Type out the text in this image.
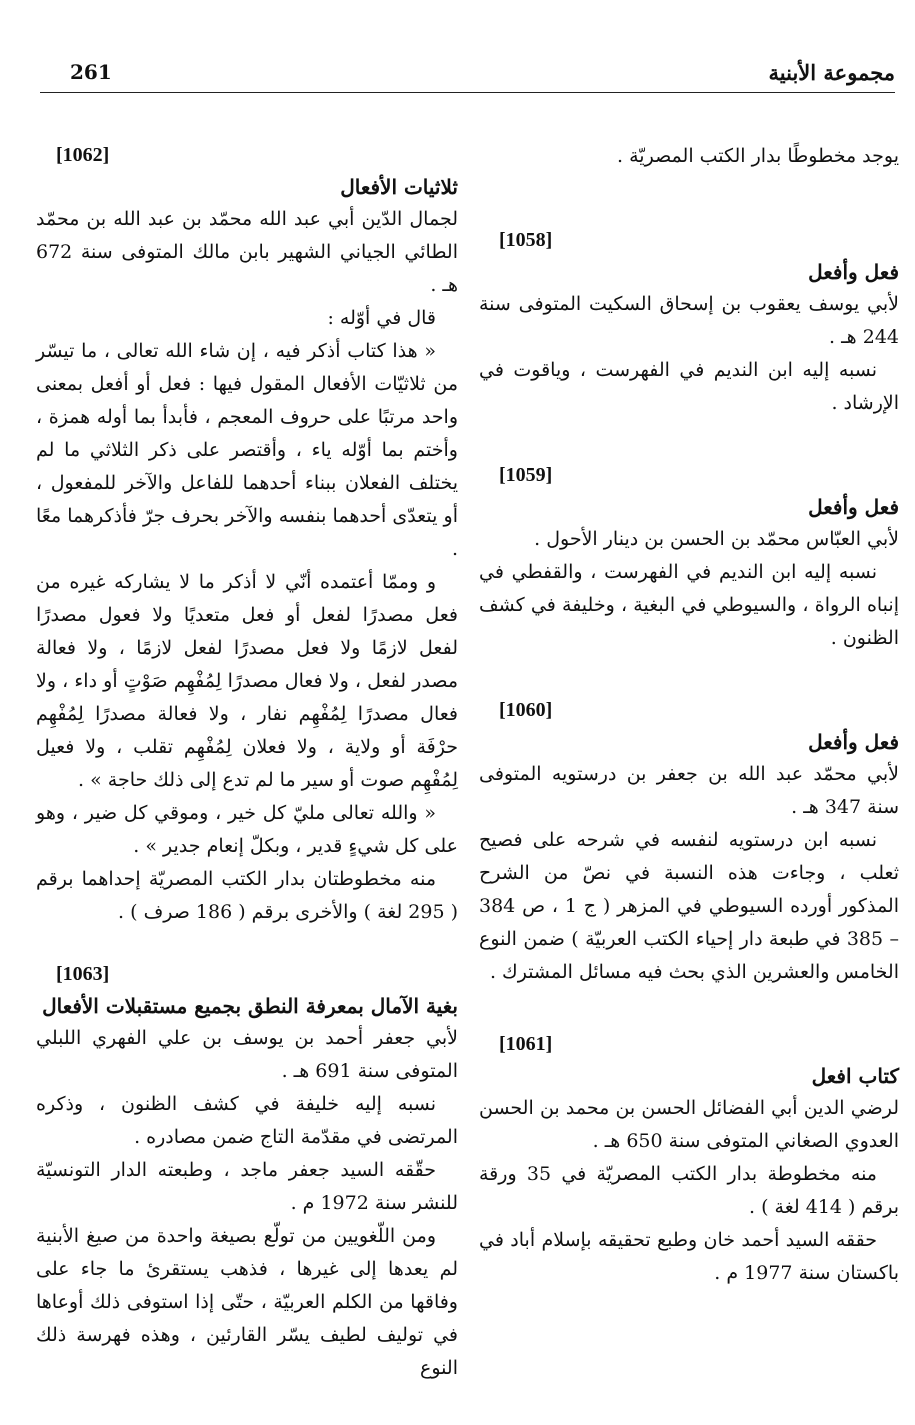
261	مجموعة الأبنية

يوجد مخطوطًا بدار الكتب المصريّة .

[1058]
فعل وأفعل

لأبي يوسف يعقوب بن إسحاق السكيت المتوفى سنة 244 هـ .

نسبه إليه ابن النديم في الفهرست ، وياقوت في الإرشاد .

[1059]
فعل وأفعل

لأبي العبّاس محمّد بن الحسن بن دينار الأحول .

نسبه إليه ابن النديم في الفهرست ، والقفطي في إنباه الرواة ، والسيوطي في البغية ، وخليفة في كشف الظنون .

[1060]
فعل وأفعل

لأبي محمّد عبد الله بن جعفر بن درستويه المتوفى سنة 347 هـ .

نسبه ابن درستويه لنفسه في شرحه على فصيح ثعلب ، وجاءت هذه النسبة في نصّ من الشرح المذكور أورده السيوطي في المزهر ( ج 1 ، ص 384 – 385 في طبعة دار إحياء الكتب العربيّة ) ضمن النوع الخامس والعشرين الذي بحث فيه مسائل المشترك .

[1061]
كتاب افعل

لرضي الدين أبي الفضائل الحسن بن محمد بن الحسن العدوي الصغاني المتوفى سنة 650 هـ .

منه مخطوطة بدار الكتب المصريّة في 35 ورقة برقم ( 414 لغة ) .

حققه السيد أحمد خان وطبع تحقيقه بإسلام أباد في باكستان سنة 1977 م .

[1062]
ثلاثيات الأفعال

لجمال الدّين أبي عبد الله محمّد بن عبد الله بن محمّد الطائي الجياني الشهير بابن مالك المتوفى سنة 672 هـ .

قال في أوّله :

« هذا كتاب أذكر فيه ، إن شاء الله تعالى ، ما تيسّر من ثلاثيّات الأفعال المقول فيها : فعل أو أفعل بمعنى واحد مرتبًا على حروف المعجم ، فأبدأ بما أوله همزة ، وأختم بما أوّله ياء ، وأقتصر على ذكر الثلاثي ما لم يختلف الفعلان ببناء أحدهما للفاعل والآخر للمفعول ، أو يتعدّى أحدهما بنفسه والآخر بحرف جرّ فأذكرهما معًا .

و وممّا أعتمده أنّي لا أذكر ما لا يشاركه غيره من فعل مصدرًا لفعل أو فعل متعديًا ولا فعول مصدرًا لفعل لازمًا ولا فعل مصدرًا لفعل لازمًا ، ولا فعالة مصدر لفعل ، ولا فعال مصدرًا لِمُفْهِم صَوْتٍ أو داء ، ولا فعال مصدرًا لِمُفْهِم نفار ، ولا فعالة مصدرًا لِمُفْهِم حرْفَة أو ولاية ، ولا فعلان لِمُفْهِم تقلب ، ولا فعيل لِمُفْهِم صوت أو سير ما لم تدع إلى ذلك حاجة » .

« والله تعالى مليّ كل خير ، وموقي كل ضير ، وهو على كل شيءٍ قدير ، وبكلّ إنعام جدير » .

منه مخطوطتان بدار الكتب المصريّة إحداهما برقم ( 295 لغة ) والأخرى برقم ( 186 صرف ) .

[1063]
بغية الآمال بمعرفة النطق بجميع مستقبلات الأفعال

لأبي جعفر أحمد بن يوسف بن علي الفهري اللبلي المتوفى سنة 691 هـ .

نسبه إليه خليفة في كشف الظنون ، وذكره المرتضى في مقدّمة التاج ضمن مصادره .

حقّقه السيد جعفر ماجد ، وطبعته الدار التونسيّة للنشر سنة 1972 م .

ومن اللّغويين من تولّع بصيغة واحدة من صيغ الأبنية لم يعدها إلى غيرها ، فذهب يستقرئ ما جاء على وفاقها من الكلم العربيّة ، حتّى إذا استوفى ذلك أوعاها في توليف لطيف يسّر القارئين ، وهذه فهرسة ذلك النوع
